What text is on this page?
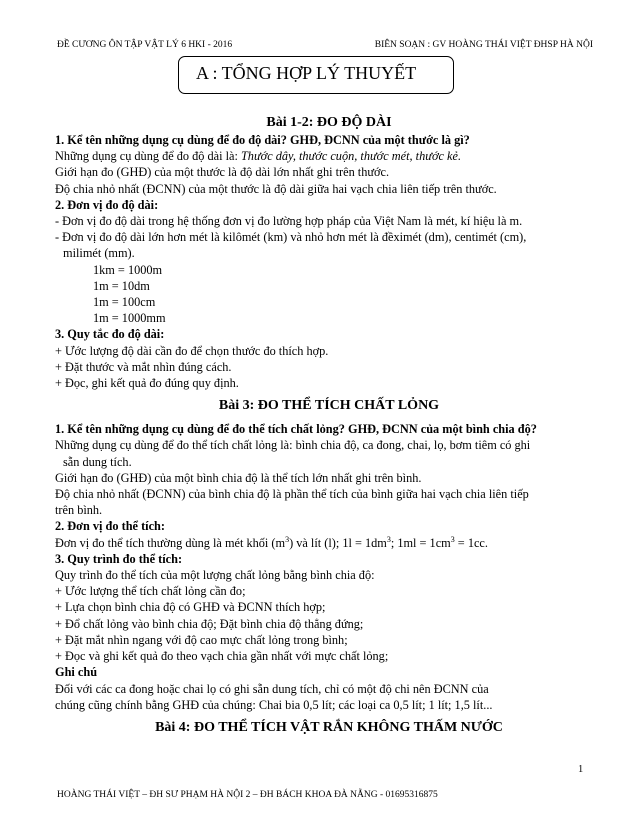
ĐỀ CƯƠNG ÔN TẬP VẬT LÝ 6 HKI - 2016	BIÊN SOẠN : GV HOÀNG THÁI VIỆT ĐHSP HÀ NỘI
A : TỔNG HỢP LÝ THUYẾT

Bài 1-2: ĐO ĐỘ DÀI

1. Kể tên những dụng cụ dùng để đo độ dài? GHĐ, ĐCNN của một thước là gì?

Những dụng cụ dùng để đo độ dài là: Thước dây, thước cuộn, thước mét, thước kẻ.

Giới hạn đo (GHĐ) của một thước là độ dài lớn nhất ghi trên thước.

Độ chia nhỏ nhất (ĐCNN) của một thước là độ dài giữa hai vạch chia liên tiếp trên thước.

2. Đơn vị đo độ dài:

- Đơn vị đo độ dài trong hệ thống đơn vị đo lường hợp pháp của Việt Nam là mét, kí hiệu là m.

- Đơn vị đo độ dài lớn hơn mét là kilômét (km) và nhỏ hơn mét là đềximét (dm), centimét (cm),

milimét (mm).

1km = 1000m

1m = 10dm

1m = 100cm

1m = 1000mm

3. Quy tắc đo độ dài:

+ Ước lượng độ dài cần đo để chọn thước đo thích hợp.

+ Đặt thước và mắt nhìn đúng cách.

+ Đọc, ghi kết quả đo đúng quy định.

Bài 3: ĐO THỂ TÍCH CHẤT LỎNG

1. Kể tên những dụng cụ dùng để đo thể tích chất lỏng? GHĐ, ĐCNN của một bình chia độ?

Những dụng cụ dùng để đo thể tích chất lỏng là: bình chia độ, ca đong, chai, lọ, bơm tiêm có ghi

sẵn dung tích.

Giới hạn đo (GHĐ) của một bình chia độ là thể tích lớn nhất ghi trên bình.

Độ chia nhỏ nhất (ĐCNN) của bình chia độ là phần thể tích của bình giữa hai vạch chia liên tiếp

trên bình.

2. Đơn vị đo thể tích:

Đơn vị đo thể tích thường dùng là mét khối $(m^3)$ và lít (l); $1l = 1dm^3$; $1ml = 1cm^3 = 1cc$.

3. Quy trình đo thể tích:

Quy trình đo thể tích của một lượng chất lỏng bằng bình chia độ:

+ Ước lượng thể tích chất lỏng cần đo;

+ Lựa chọn bình chia độ có GHĐ và ĐCNN thích hợp;

+ Đổ chất lỏng vào bình chia độ; Đặt bình chia độ thẳng đứng;

+ Đặt mắt nhìn ngang với độ cao mực chất lỏng trong bình;

+ Đọc và ghi kết quả đo theo vạch chia gần nhất với mực chất lỏng;

Ghi chú

Đối với các ca đong hoặc chai lọ có ghi sẵn dung tích, chỉ có một độ chi nên ĐCNN của

chúng cũng chính bằng GHĐ của chúng: Chai bia 0,5 lít; các loại ca 0,5 lít; 1 lít; 1,5 lít...

Bài 4: ĐO THỂ TÍCH VẬT RẮN KHÔNG THẤM NƯỚC

1
HOÀNG THÁI VIỆT – ĐH SƯ PHẠM HÀ NỘI 2 – ĐH BÁCH KHOA ĐÀ NẴNG - 01695316875
